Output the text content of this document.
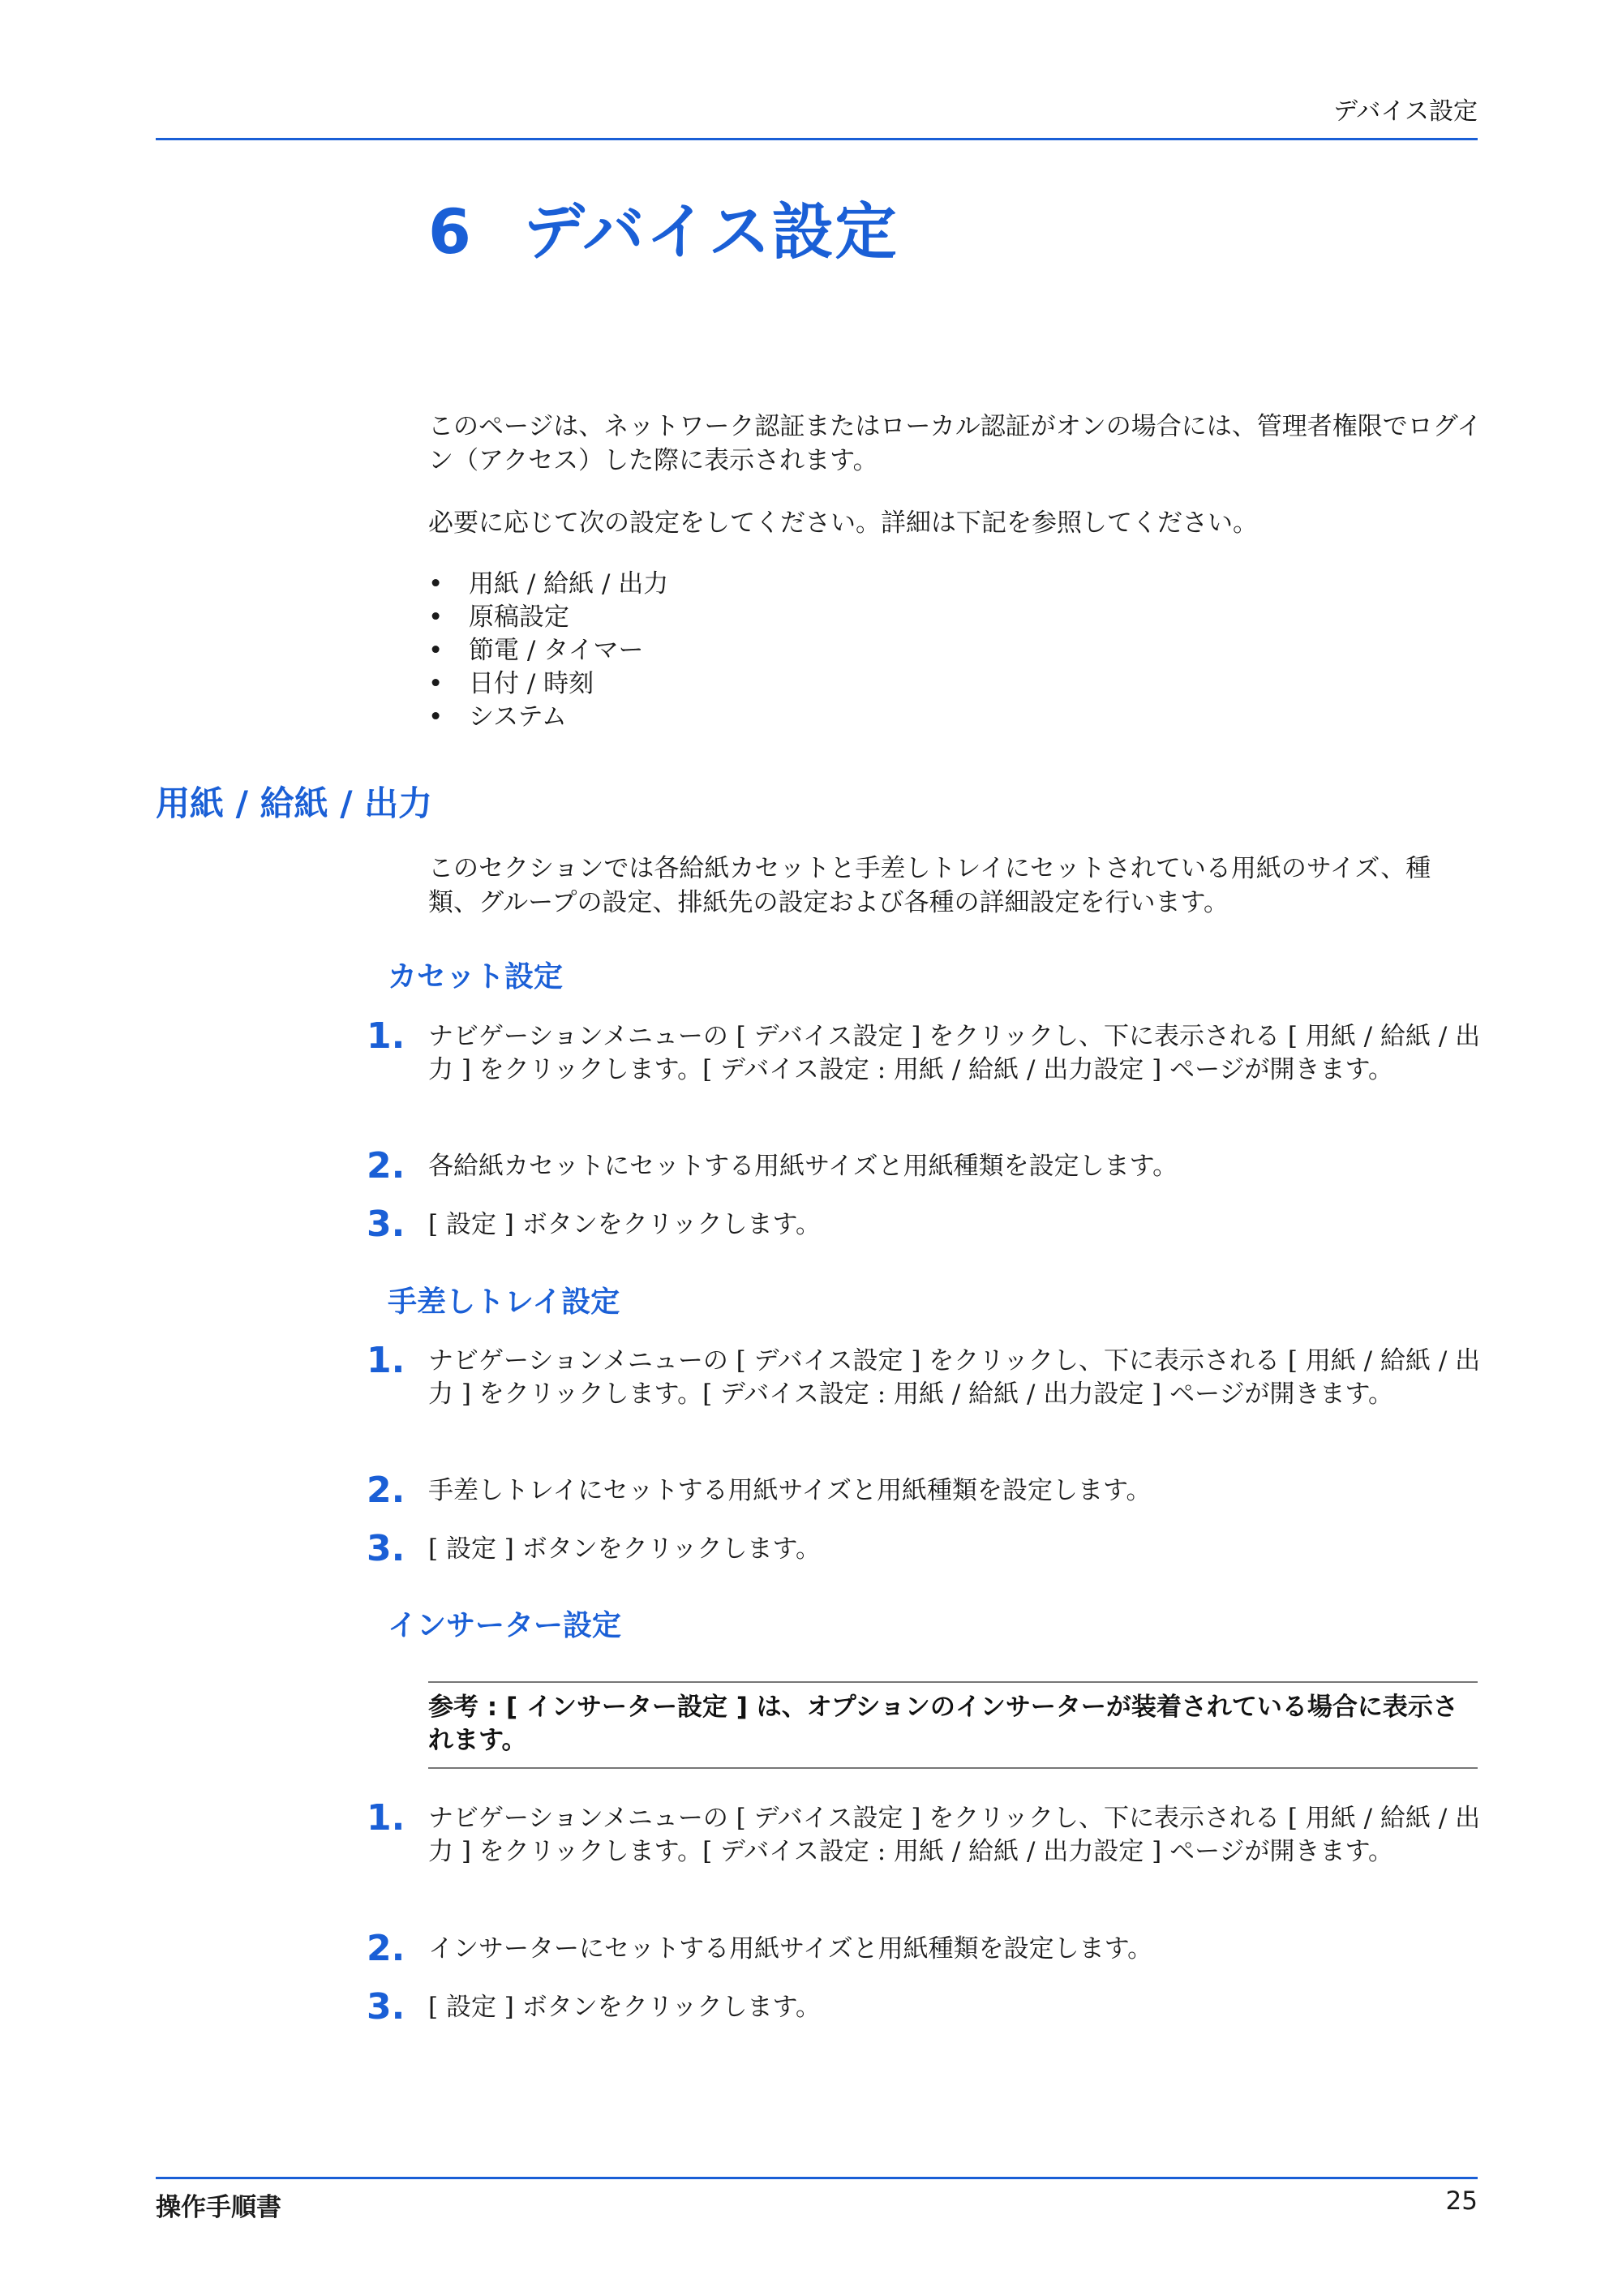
デバイス設定
6 デバイス設定

このページは、ネットワーク認証またはローカル認証がオンの場合には、管理者権限でログイン（アクセス）した際に表示されます。

必要に応じて次の設定をしてください。詳細は下記を参照してください。

• 用紙 / 給紙 / 出力
• 原稿設定
• 節電 / タイマー
• 日付 / 時刻
• システム
用紙 / 給紙 / 出力

このセクションでは各給紙カセットと手差しトレイにセットされている用紙のサイズ、種類、グループの設定、排紙先の設定および各種の詳細設定を行います。

カセット設定
1. ナビゲーションメニューの [ デバイス設定 ] をクリックし、下に表示される [ 用紙 / 給紙 / 出力 ] をクリックします。[ デバイス設定 : 用紙 / 給紙 / 出力設定 ] ページが開きます。
2. 各給紙カセットにセットする用紙サイズと用紙種類を設定します。
3. [ 設定 ] ボタンをクリックします。
手差しトレイ設定
1. ナビゲーションメニューの [ デバイス設定 ] をクリックし、下に表示される [ 用紙 / 給紙 / 出力 ] をクリックします。[ デバイス設定 : 用紙 / 給紙 / 出力設定 ] ページが開きます。
2. 手差しトレイにセットする用紙サイズと用紙種類を設定します。
3. [ 設定 ] ボタンをクリックします。
インサーター設定
参考 : [ インサーター設定 ] は、オプションのインサーターが装着されている場合に表示されます。
1. ナビゲーションメニューの [ デバイス設定 ] をクリックし、下に表示される [ 用紙 / 給紙 / 出力 ] をクリックします。[ デバイス設定 : 用紙 / 給紙 / 出力設定 ] ページが開きます。
2. インサーターにセットする用紙サイズと用紙種類を設定します。
3. [ 設定 ] ボタンをクリックします。
操作手順書	25
